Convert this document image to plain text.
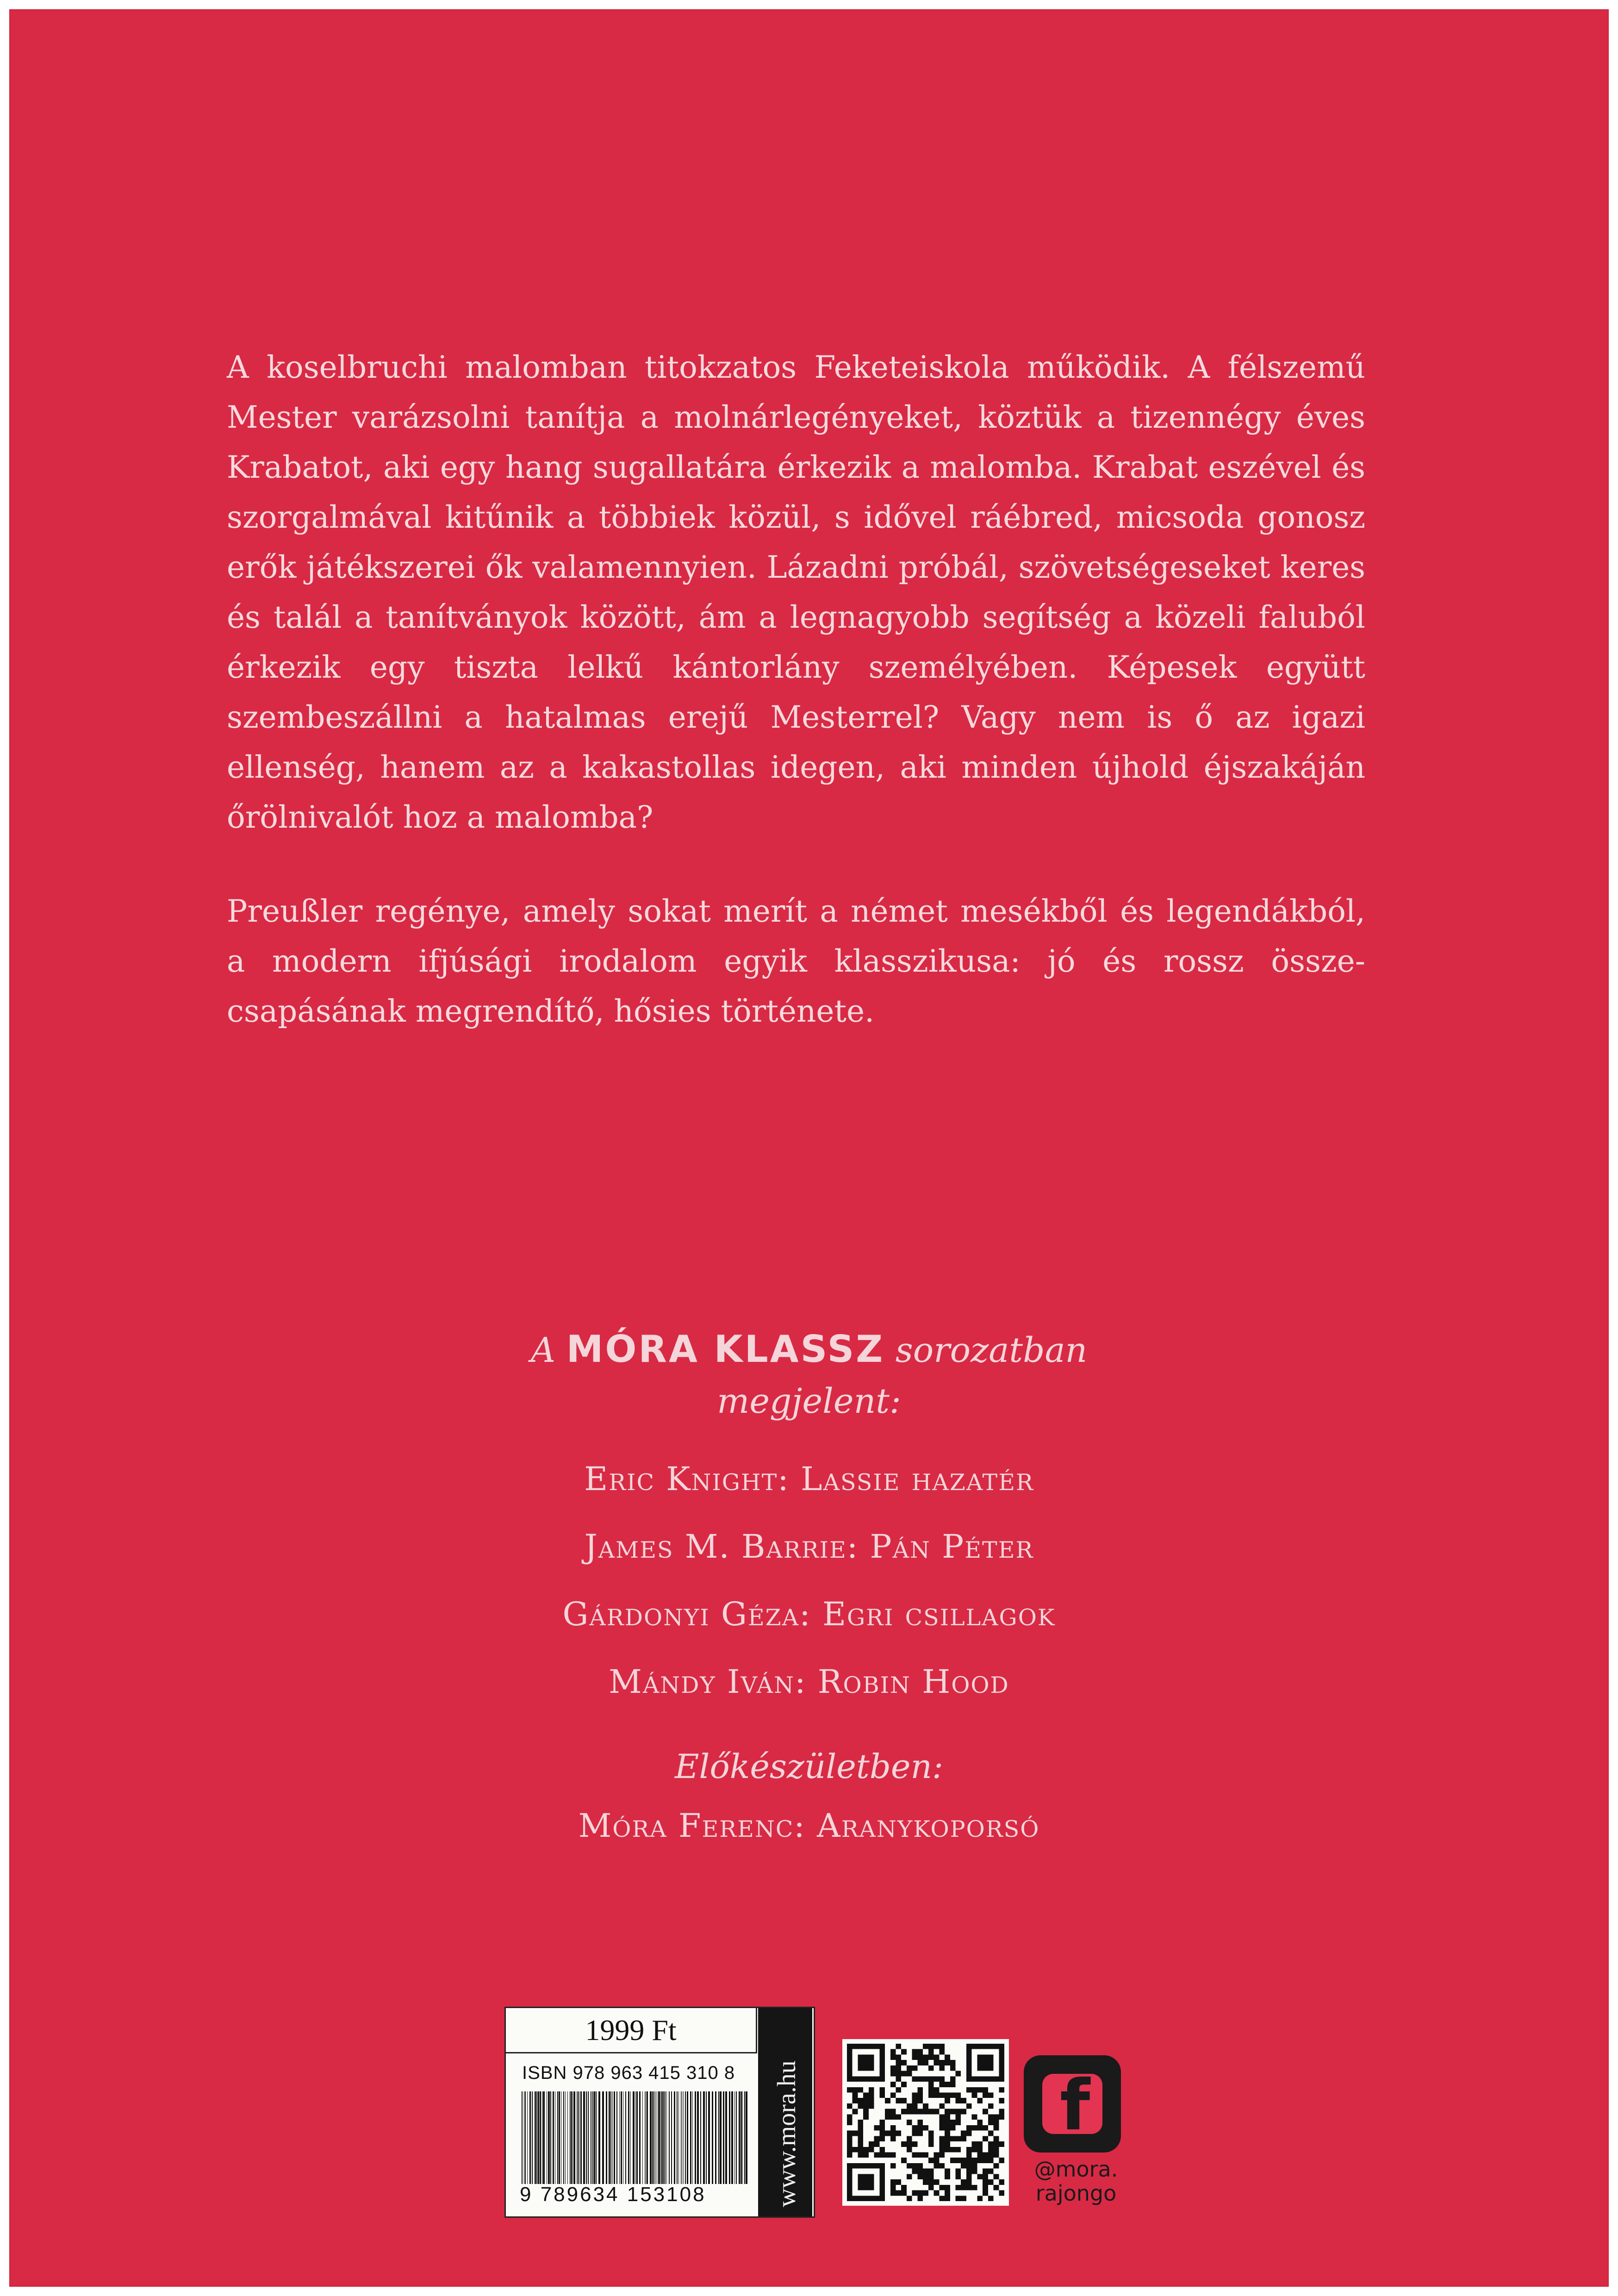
A koselbruchi malomban titokzatos Feketeiskola működik. A félszemű Mester varázsolni tanítja a molnárlegényeket, köztük a tizennégy éves Krabatot, aki egy hang sugallatára érkezik a malomba. Krabat eszével és szorgalmával kitűnik a többiek közül, s idővel ráébred, micsoda gonosz erők játékszerei ők valamennyien. Lázadni próbál, szövetségeseket keres és talál a tanítványok között, ám a legnagyobb segítség a közeli faluból érkezik egy tiszta lelkű kántorlány személyében. Képesek együtt szembeszállni a hatalmas erejű Mesterrel? Vagy nem is ő az igazi ellenség, hanem az a kakastollas idegen, aki minden újhold éjszakáján őrölnivalót hoz a malomba?

Preußler regénye, amely sokat merít a német mesékből és legendákból, a modern ifjúsági irodalom egyik klasszikusa: jó és rossz összecsapásának megrendítő, hősies története.

A MÓRA KLASSZ sorozatban
megjelent:
Eric Knight: Lassie hazatér
James M. Barrie: Pán Péter
Gárdonyi Géza: Egri csillagok
Mándy Iván: Robin Hood
Előkészületben:
Móra Ferenc: Aranykoporsó
1999 Ft
ISBN 978 963 415 310 8
9 789634 153108	www.mora.hu	f
@mora.
rajongo
